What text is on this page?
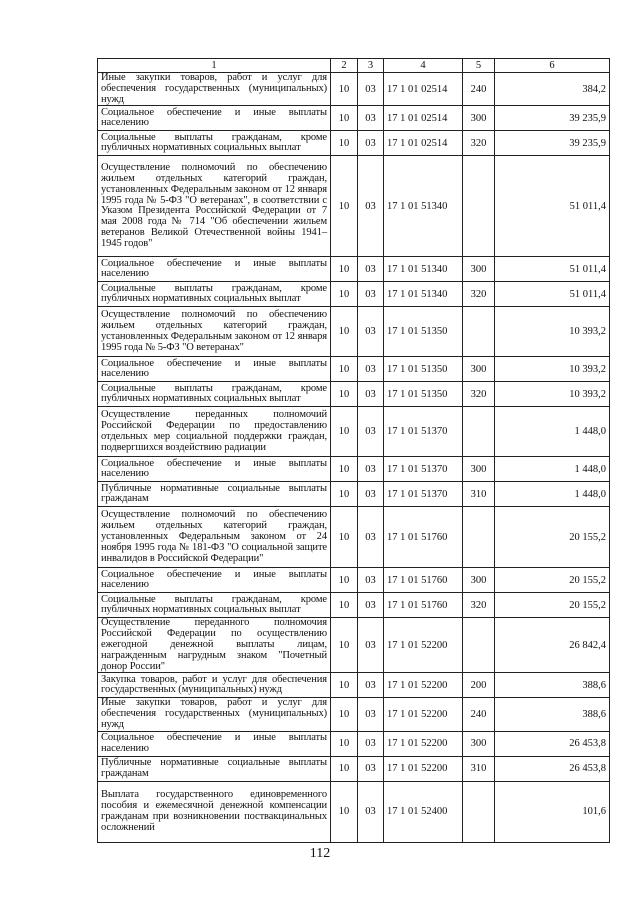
1	2	3	4	5	6
Иные закупки товаров, работ и услуг для обеспечения государственных (муниципальных) нужд	10	03	17 1 01 02514	240	384,2
Социальное обеспечение и иные выплаты населению	10	03	17 1 01 02514	300	39 235,9
Социальные выплаты гражданам, кроме публичных нормативных социальных выплат	10	03	17 1 01 02514	320	39 235,9
Осуществление полномочий по обеспечению жильем отдельных категорий граждан, установленных Федеральным законом от 12 января 1995 года № 5-ФЗ "О ветеранах", в соответствии с Указом Президента Российской Федерации от 7 мая 2008 года № 714 "Об обеспечении жильем ветеранов Великой Отечественной войны 1941–1945 годов"	10	03	17 1 01 51340		51 011,4
Социальное обеспечение и иные выплаты населению	10	03	17 1 01 51340	300	51 011,4
Социальные выплаты гражданам, кроме публичных нормативных социальных выплат	10	03	17 1 01 51340	320	51 011,4
Осуществление полномочий по обеспечению жильем отдельных категорий граждан, установленных Федеральным законом от 12 января 1995 года № 5-ФЗ "О ветеранах"	10	03	17 1 01 51350		10 393,2
Социальное обеспечение и иные выплаты населению	10	03	17 1 01 51350	300	10 393,2
Социальные выплаты гражданам, кроме публичных нормативных социальных выплат	10	03	17 1 01 51350	320	10 393,2
Осуществление переданных полномочий Российской Федерации по предоставлению отдельных мер социальной поддержки граждан, подвергшихся воздействию радиации	10	03	17 1 01 51370		1 448,0
Социальное обеспечение и иные выплаты населению	10	03	17 1 01 51370	300	1 448,0
Публичные нормативные социальные выплаты гражданам	10	03	17 1 01 51370	310	1 448,0
Осуществление полномочий по обеспечению жильем отдельных категорий граждан, установленных Федеральным законом от 24 ноября 1995 года № 181-ФЗ "О социальной защите инвалидов в Российской Федерации"	10	03	17 1 01 51760		20 155,2
Социальное обеспечение и иные выплаты населению	10	03	17 1 01 51760	300	20 155,2
Социальные выплаты гражданам, кроме публичных нормативных социальных выплат	10	03	17 1 01 51760	320	20 155,2
Осуществление переданного полномочия Российской Федерации по осуществлению ежегодной денежной выплаты лицам, награжденным нагрудным знаком "Почетный донор России"	10	03	17 1 01 52200		26 842,4
Закупка товаров, работ и услуг для обеспечения государственных (муниципальных) нужд	10	03	17 1 01 52200	200	388,6
Иные закупки товаров, работ и услуг для обеспечения государственных (муниципальных) нужд	10	03	17 1 01 52200	240	388,6
Социальное обеспечение и иные выплаты населению	10	03	17 1 01 52200	300	26 453,8
Публичные нормативные социальные выплаты гражданам	10	03	17 1 01 52200	310	26 453,8
Выплата государственного единовременного пособия и ежемесячной денежной компенсации гражданам при возникновении поствакцинальных осложнений	10	03	17 1 01 52400		101,6
112
